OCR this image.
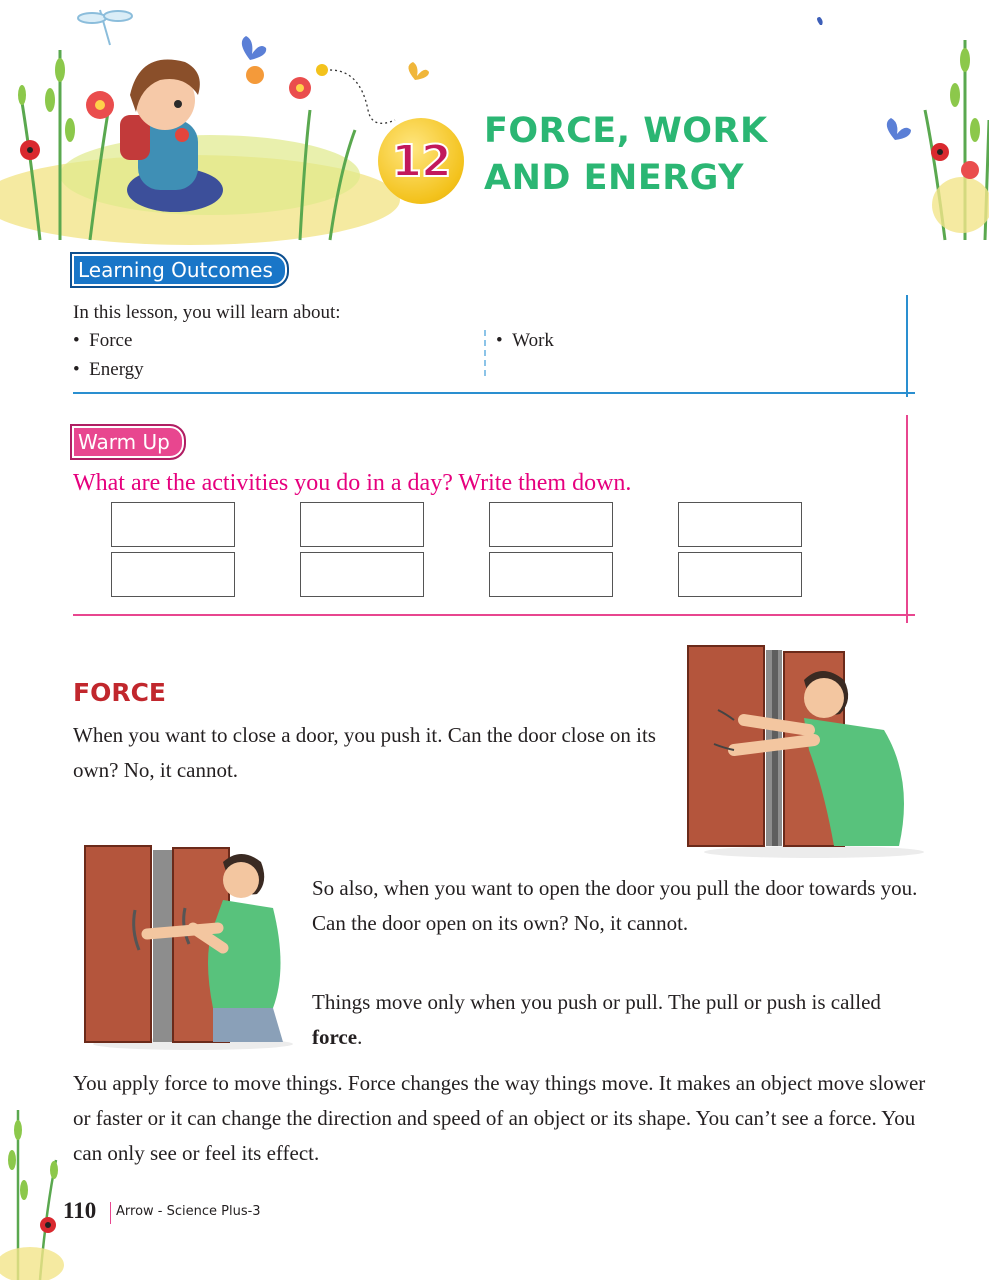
12
FORCE, WORK
AND ENERGY
Learning Outcomes
In this lesson, you will learn about:
•  Force
•  Energy
•  Work
Warm Up
What are the activities you do in a day? Write them down.
FORCE
When you want to close a door, you push it. Can the door close on its own? No, it cannot.
So also, when you want to open the door you pull the door towards you. Can the door open on its own? No, it cannot.
Things move only when you push or pull. The pull or push is called force.
You apply force to move things. Force changes the way things move. It makes an object move slower or faster or it can change the direction and speed of an object or its shape. You can’t see a force. You can only see or feel its effect.
110 Arrow - Science Plus-3
